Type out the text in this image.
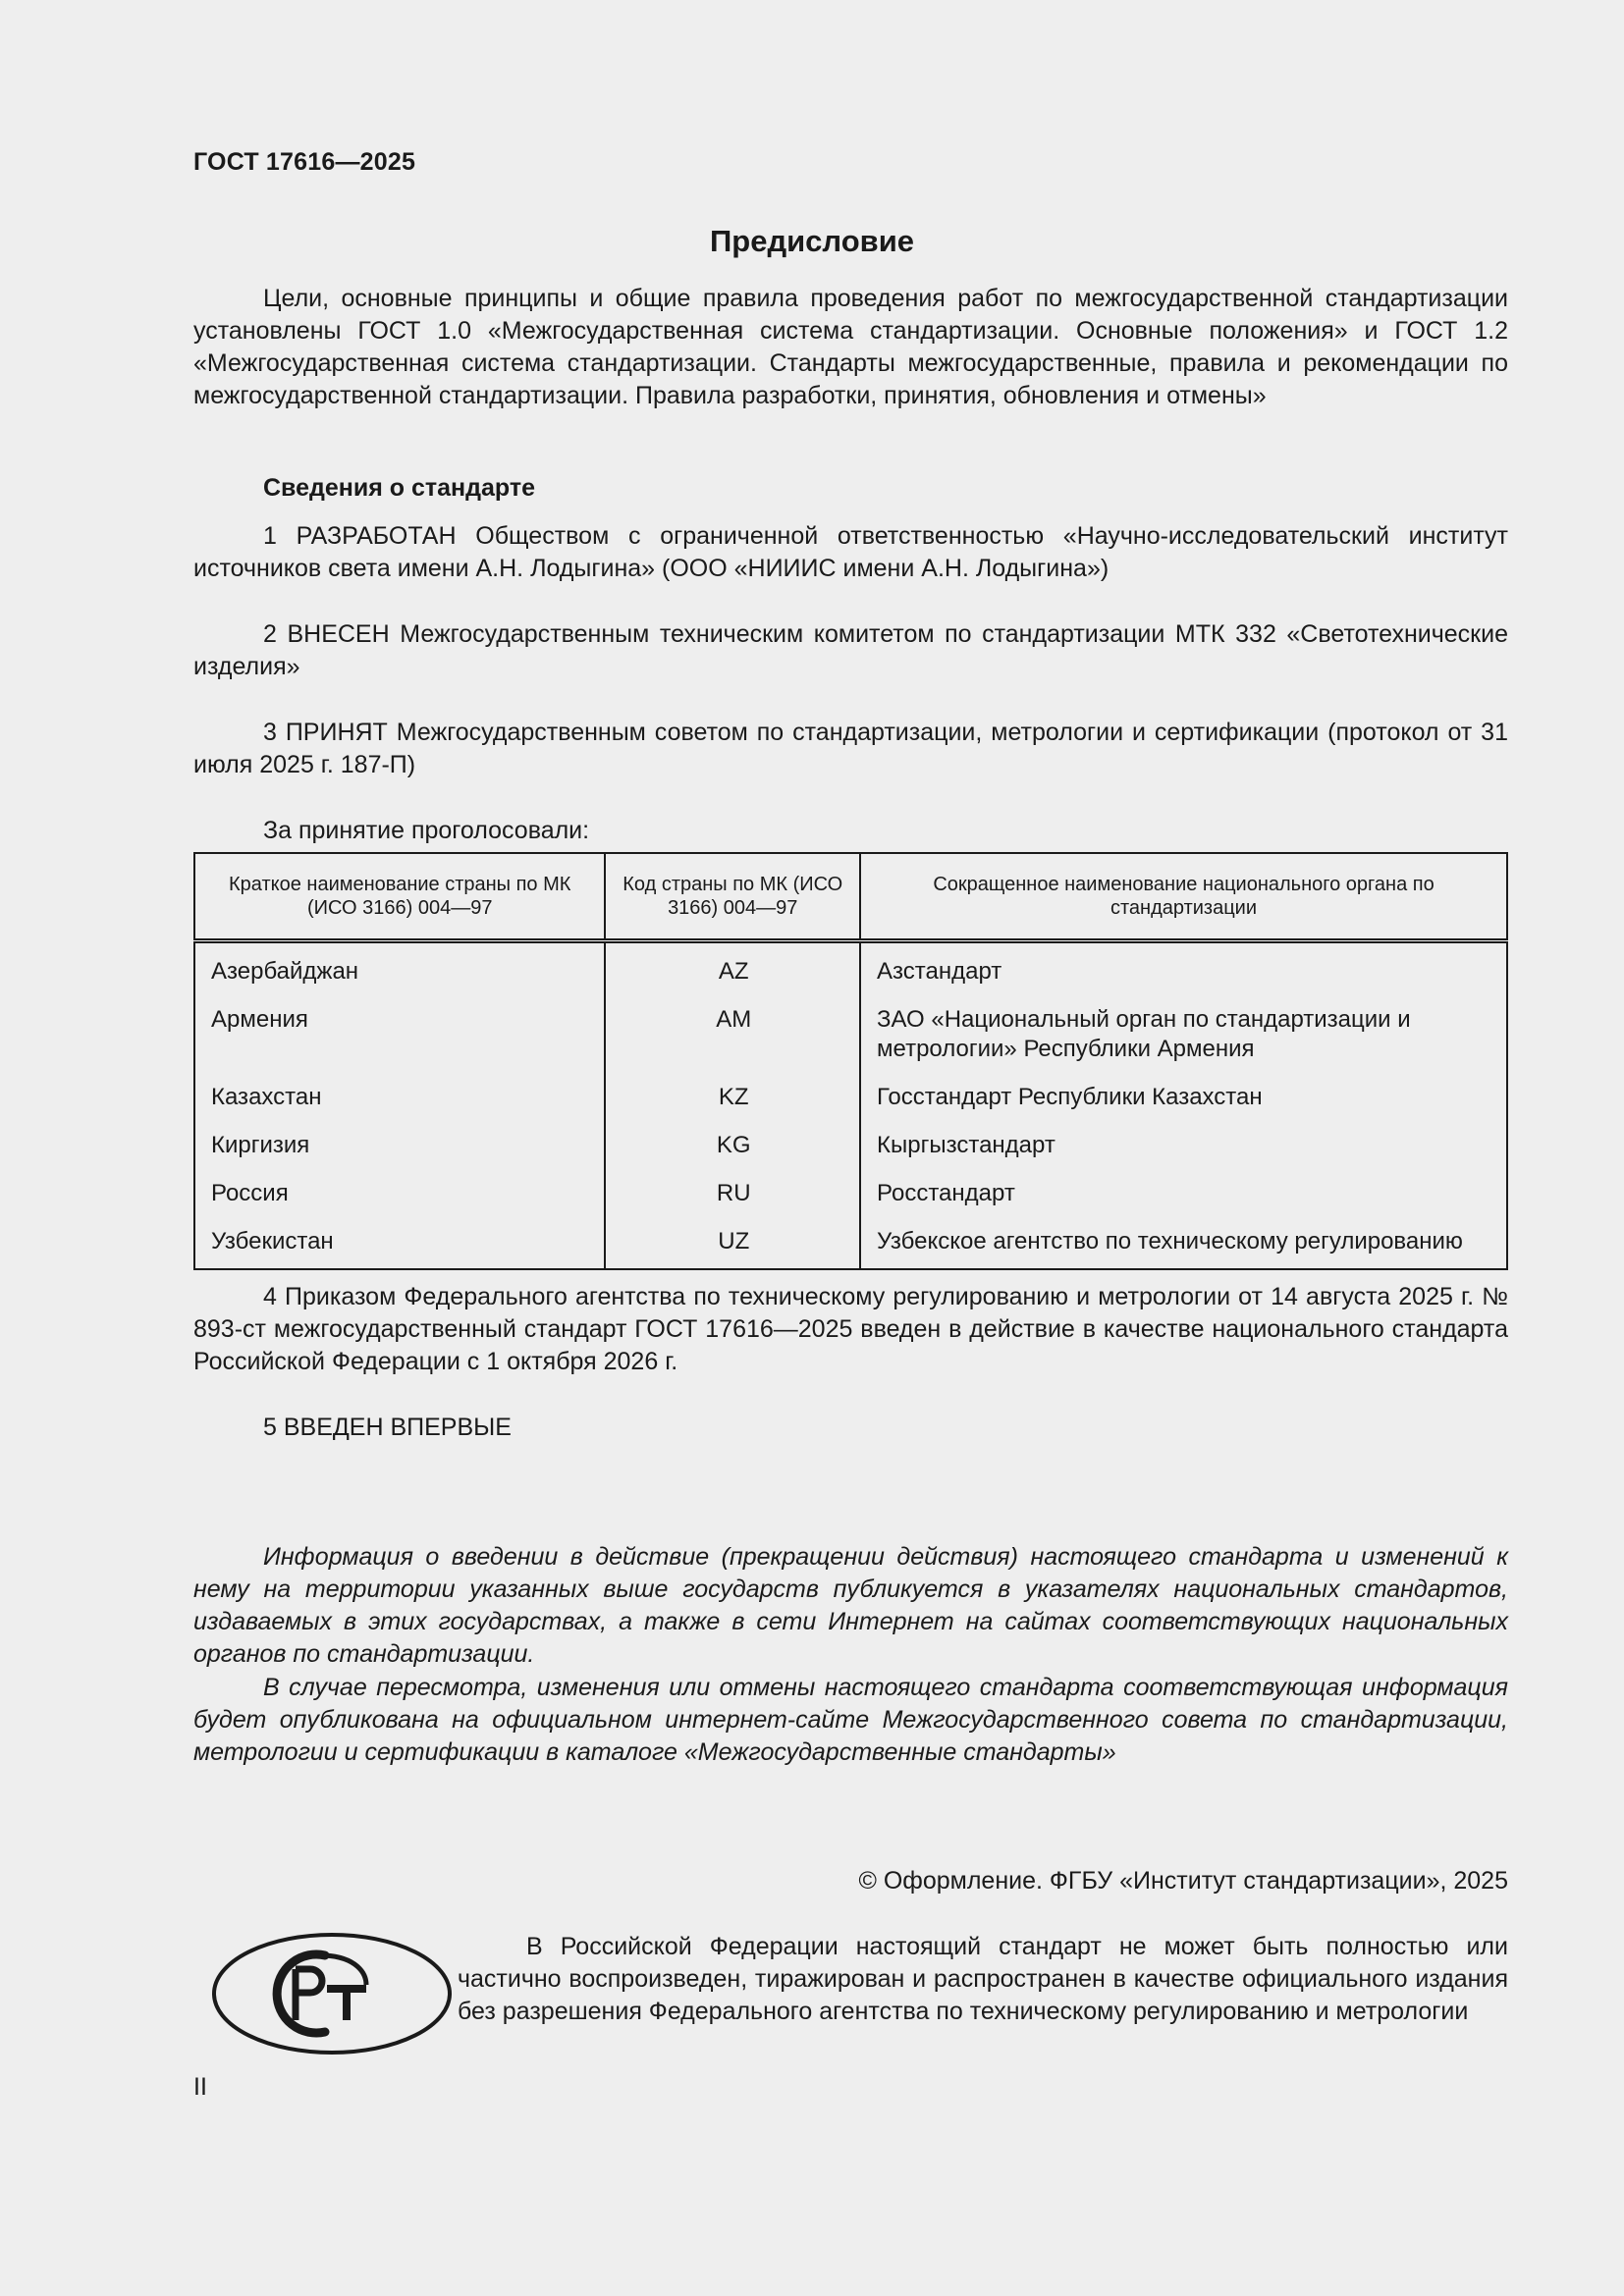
ГОСТ 17616—2025
Предисловие
Цели, основные принципы и общие правила проведения работ по межгосударственной стандартизации установлены ГОСТ 1.0 «Межгосударственная система стандартизации. Основные положения» и ГОСТ 1.2 «Межгосударственная система стандартизации. Стандарты межгосударственные, правила и рекомендации по межгосударственной стандартизации. Правила разработки, принятия, обновления и отмены»
Сведения о стандарте
1 РАЗРАБОТАН Обществом с ограниченной ответственностью «Научно-исследовательский институт источников света имени А.Н. Лодыгина» (ООО «НИИИС имени А.Н. Лодыгина»)
2 ВНЕСЕН Межгосударственным техническим комитетом по стандартизации МТК 332 «Светотехнические изделия»
3 ПРИНЯТ Межгосударственным советом по стандартизации, метрологии и сертификации (протокол от 31 июля 2025 г. 187-П)
За принятие проголосовали:
Краткое наименование страны по МК (ИСО 3166) 004—97	Код страны по МК (ИСО 3166) 004—97	Сокращенное наименование национального органа по стандартизации
Азербайджан	AZ	Азстандарт
Армения	AM	ЗАО «Национальный орган по стандартизации и метрологии» Республики Армения
Казахстан	KZ	Госстандарт Республики Казахстан
Киргизия	KG	Кыргызстандарт
Россия	RU	Росстандарт
Узбекистан	UZ	Узбекское агентство по техническому регулированию
4 Приказом Федерального агентства по техническому регулированию и метрологии от 14 августа 2025 г. № 893-ст межгосударственный стандарт ГОСТ 17616—2025 введен в действие в качестве национального стандарта Российской Федерации с 1 октября 2026 г.
5 ВВЕДЕН ВПЕРВЫЕ
Информация о введении в действие (прекращении действия) настоящего стандарта и изменений к нему на территории указанных выше государств публикуется в указателях национальных стандартов, издаваемых в этих государствах, а также в сети Интернет на сайтах соответствующих национальных органов по стандартизации.
В случае пересмотра, изменения или отмены настоящего стандарта соответствующая информация будет опубликована на официальном интернет-сайте Межгосударственного совета по стандартизации, метрологии и сертификации в каталоге «Межгосударственные стандарты»
© Оформление. ФГБУ «Институт стандартизации», 2025
В Российской Федерации настоящий стандарт не может быть полностью или частично воспроизведен, тиражирован и распространен в качестве официального издания без разрешения Федерального агентства по техническому регулированию и метрологии
II
